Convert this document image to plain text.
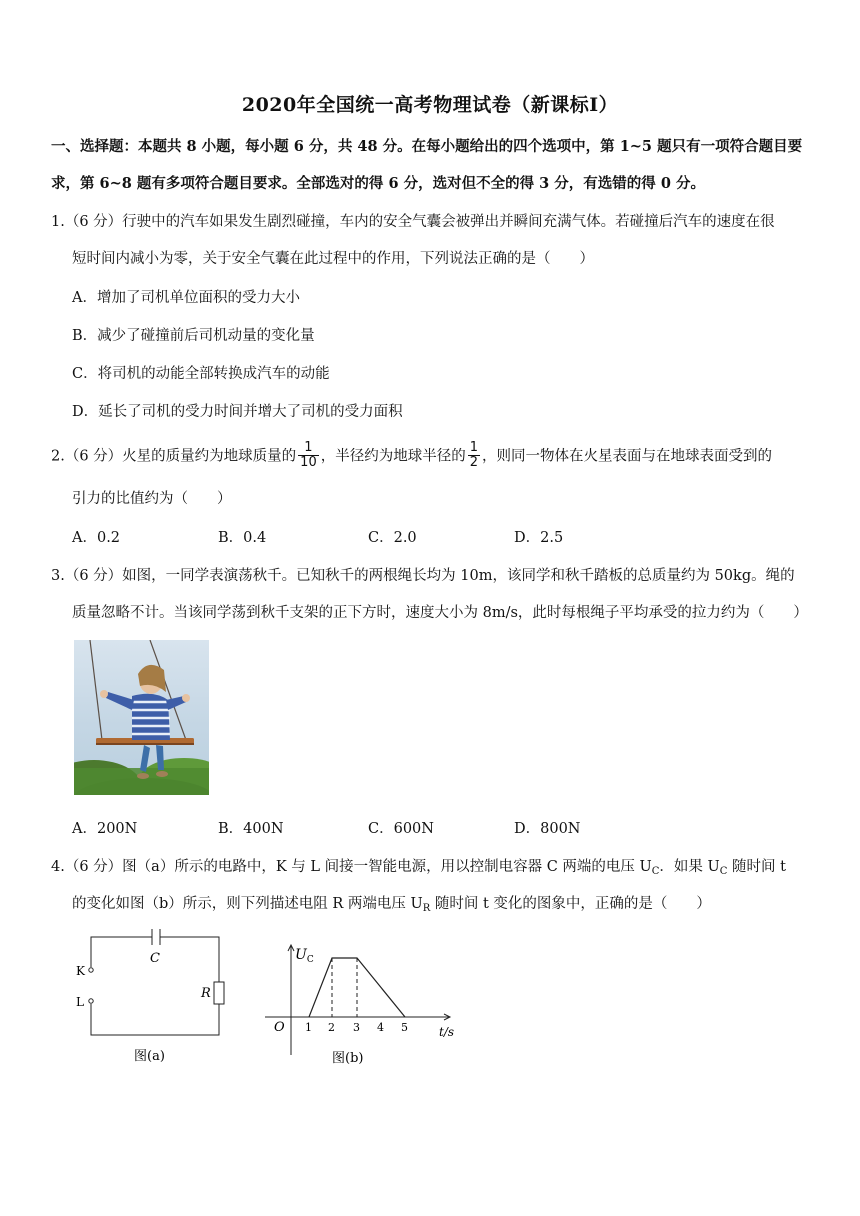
2020年全国统一高考物理试卷（新课标Ⅰ）
一、选择题：本题共 8 小题，每小题 6 分，共 48 分。在每小题给出的四个选项中，第 1~5 题只有一项符合题目要
求，第 6~8 题有多项符合题目要求。全部选对的得 6 分，选对但不全的得 3 分，有选错的得 0 分。
1.（6 分）行驶中的汽车如果发生剧烈碰撞，车内的安全气囊会被弹出并瞬间充满气体。若碰撞后汽车的速度在很
短时间内减小为零，关于安全气囊在此过程中的作用，下列说法正确的是（　　）
A．增加了司机单位面积的受力大小
B．减少了碰撞前后司机动量的变化量
C．将司机的动能全部转换成汽车的动能
D．延长了司机的受力时间并增大了司机的受力面积
2.（6 分）火星的质量约为地球质量的 $\frac{1}{10}$ ，半径约为地球半径的 $\frac{1}{2}$ ，则同一物体在火星表面与在地球表面受到的
引力的比值约为（　　）
A．0.2	B．0.4	C．2.0	D．2.5
3.（6 分）如图，一同学表演荡秋千。已知秋千的两根绳长均为 10m，该同学和秋千踏板的总质量约为 50kg。绳的
质量忽略不计。当该同学荡到秋千支架的正下方时，速度大小为 8m/s，此时每根绳子平均承受的拉力约为（　　）
A．200N	B．400N	C．600N	D．800N
4.（6 分）图（a）所示的电路中，K 与 L 间接一智能电源，用以控制电容器 C 两端的电压 $U_C$．如果 $U_C$ 随时间 t
的变化如图（b）所示，则下列描述电阻 R 两端电压 $U_R$ 随时间 t 变化的图象中，正确的是（　　）
C
K
L
R
图(a)
$U_C$
O 1 2 3 4 5	t/s
图(b)
